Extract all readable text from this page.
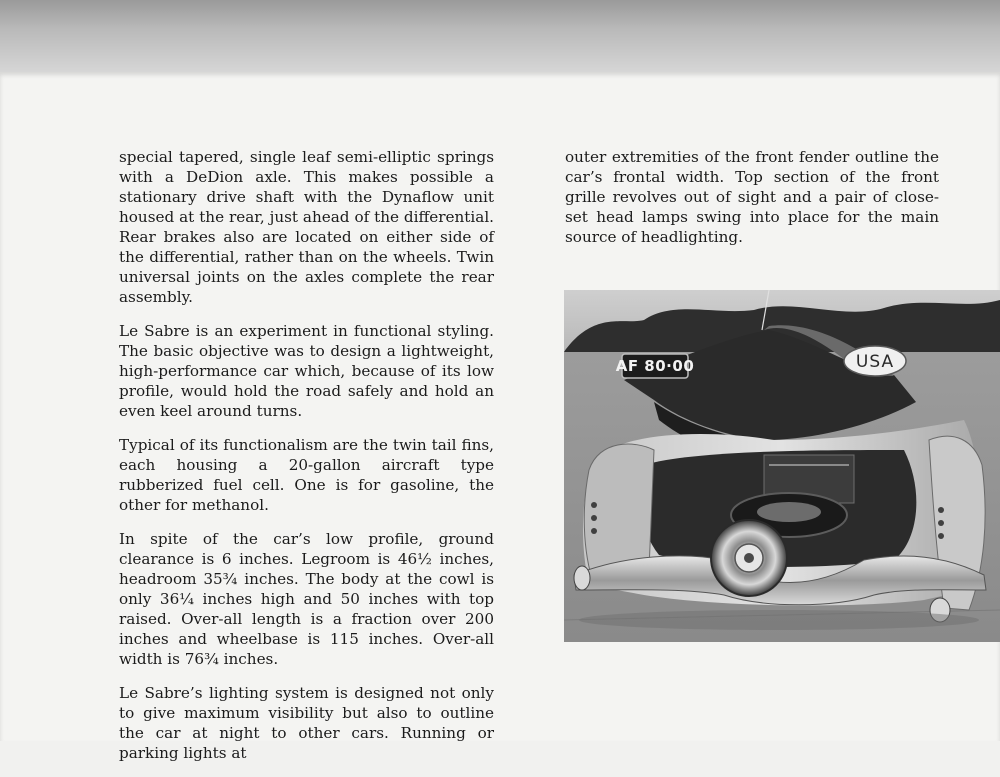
special tapered, single leaf semi-elliptic springs with a DeDion axle. This makes possible a stationary drive shaft with the Dynaflow unit housed at the rear, just ahead of the differential. Rear brakes also are located on either side of the differential, rather than on the wheels. Twin universal joints on the axles complete the rear assembly.

Le Sabre is an experiment in functional styling. The basic objective was to design a lightweight, high-performance car which, because of its low profile, would hold the road safely and hold an even keel around turns.

Typical of its functionalism are the twin tail fins, each housing a 20-gallon aircraft type rubberized fuel cell. One is for gasoline, the other for methanol.

In spite of the car’s low profile, ground clearance is 6 inches. Legroom is 46½ inches, headroom 35¾ inches. The body at the cowl is only 36¼ inches high and 50 inches with top raised. Over-all length is a fraction over 200 inches and wheelbase is 115 inches. Over-all width is 76¾ inches.

Le Sabre’s lighting system is designed not only to give maximum visibility but also to outline the car at night to other cars. Running or parking lights at

outer extremities of the front fender outline the car’s frontal width. Top section of the front grille revolves out of sight and a pair of close-set head lamps swing into place for the main source of headlighting.

AF 80·00	USA
